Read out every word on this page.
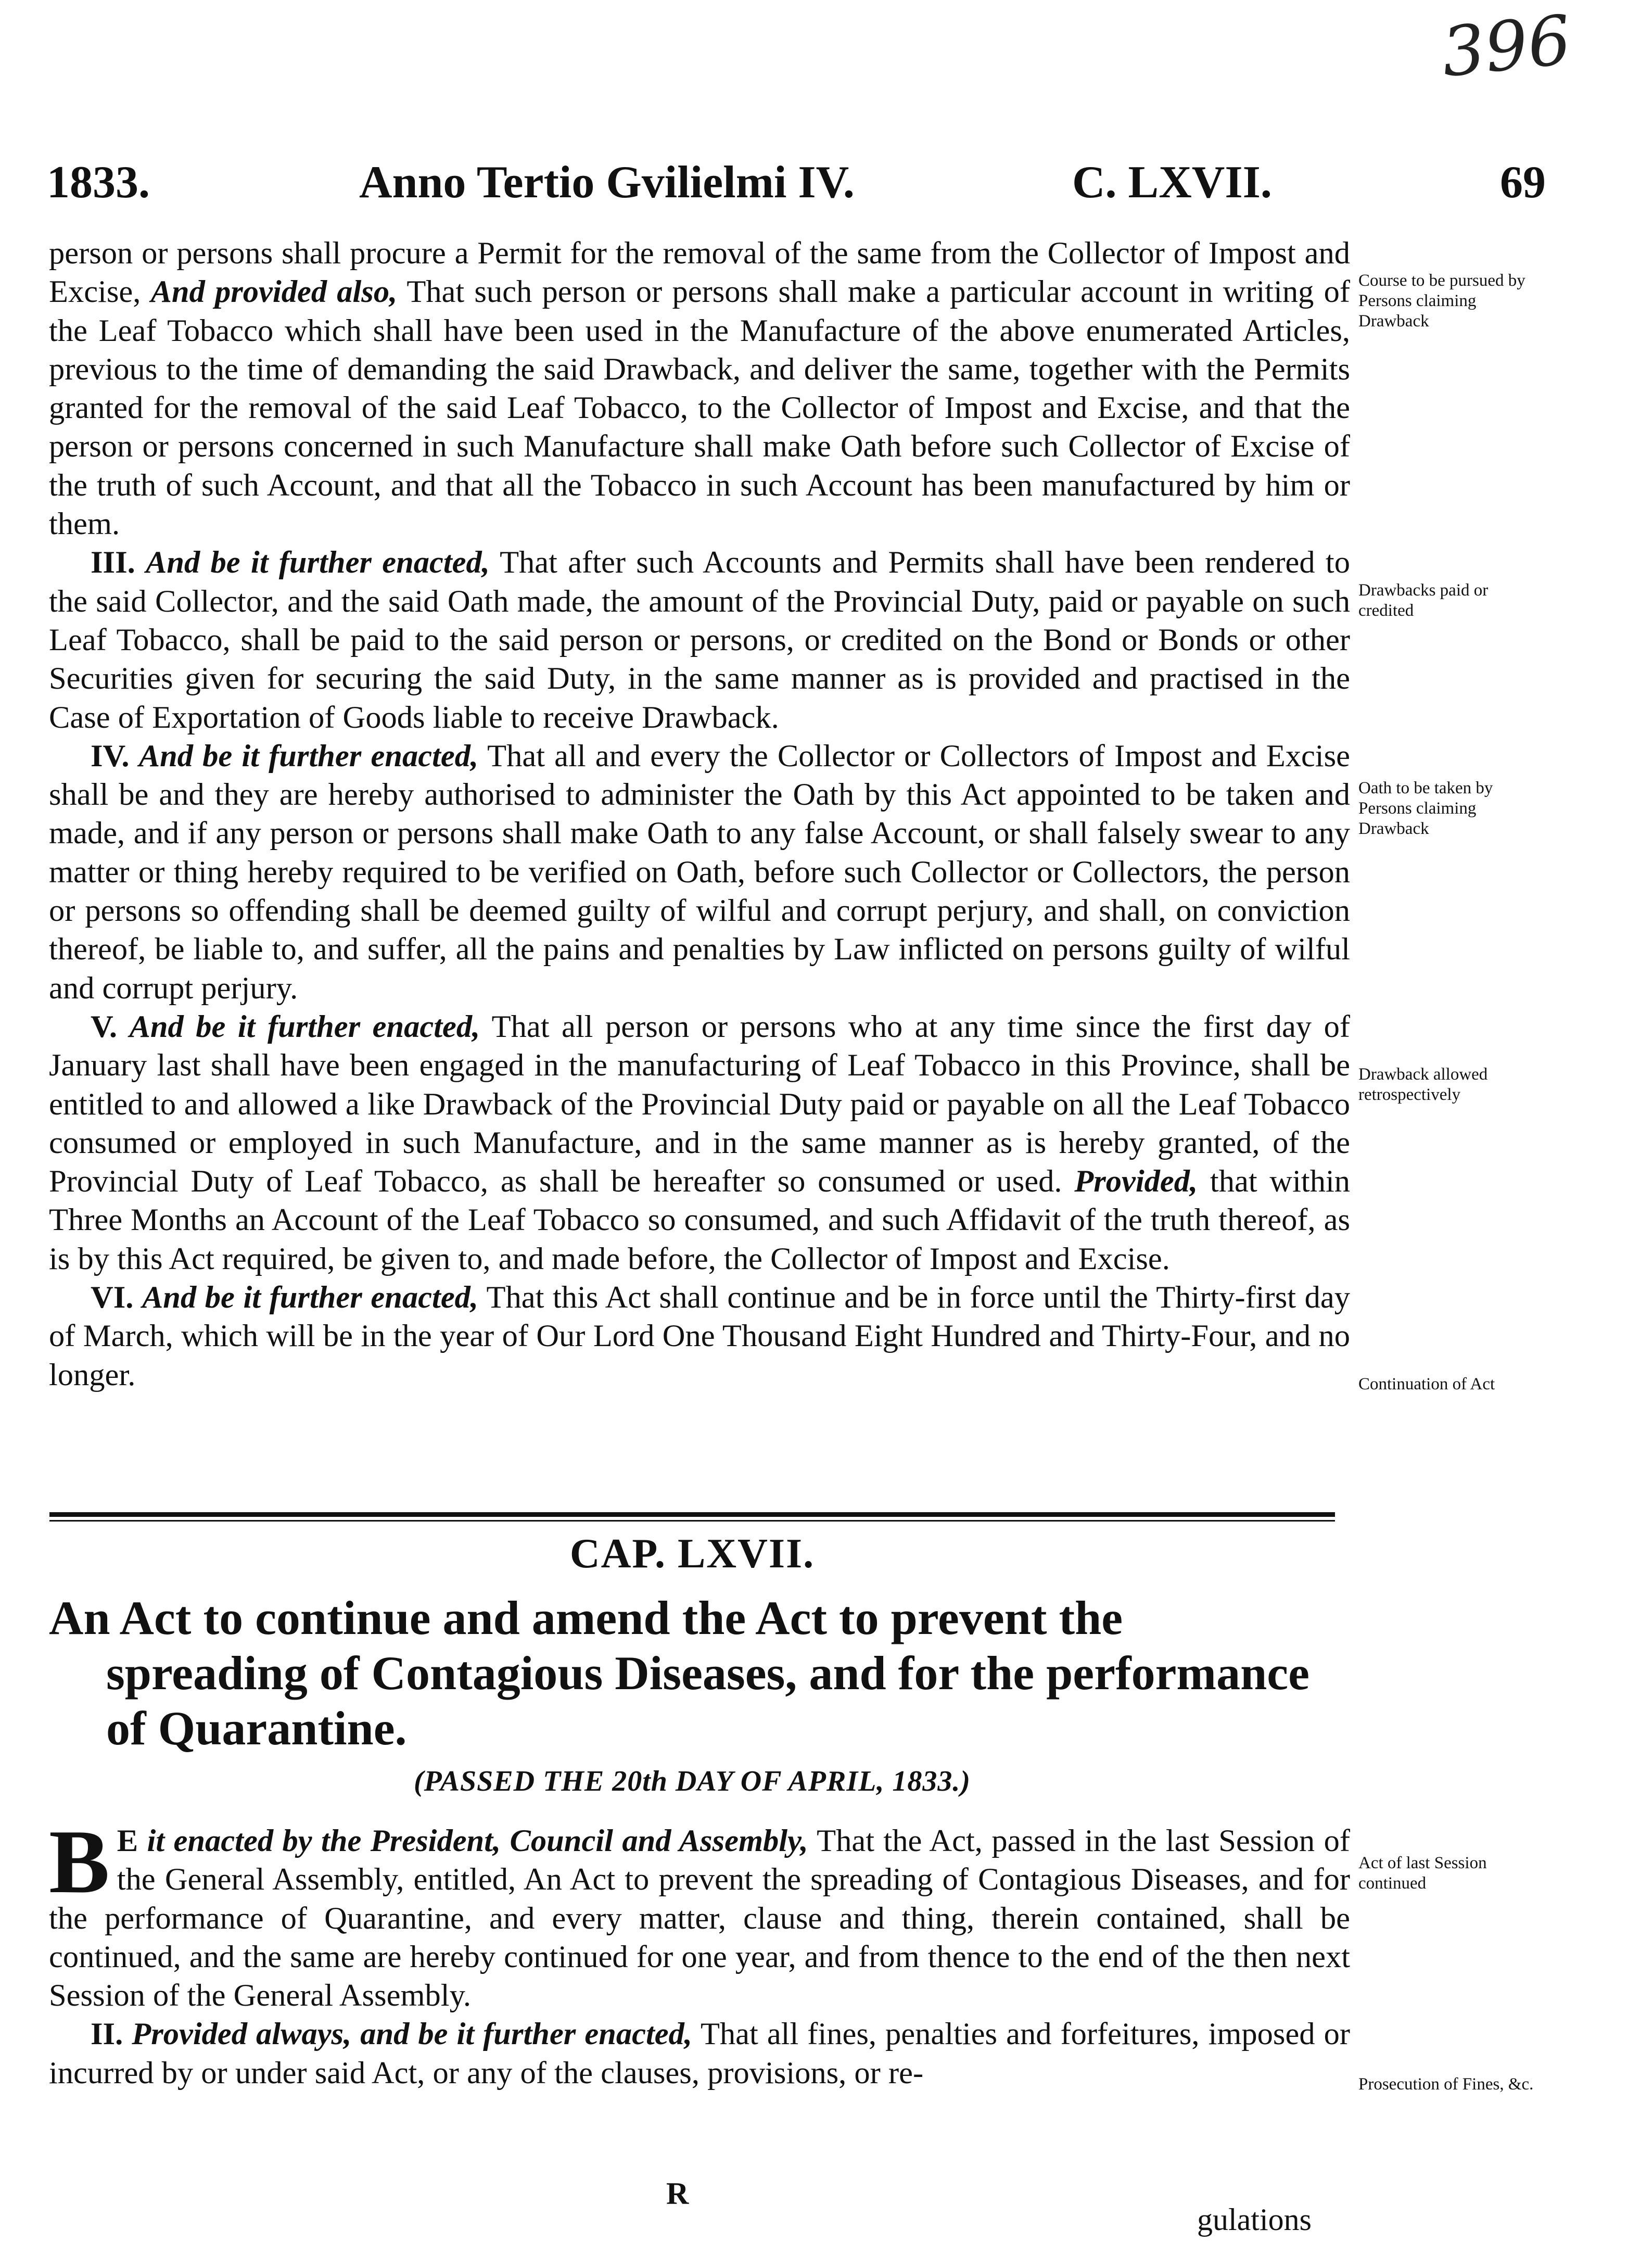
396
1833.	Anno Tertio Gvilielmi IV.	C. LXVII.	69

person or persons shall procure a Permit for the removal of the same from the Collector of Impost and Excise, And provided also, That such person or persons shall make a particular account in writing of the Leaf Tobacco which shall have been used in the Manufacture of the above enumerated Articles, previous to the time of demanding the said Drawback, and deliver the same, together with the Permits granted for the removal of the said Leaf Tobacco, to the Collector of Impost and Excise, and that the person or persons concerned in such Manufacture shall make Oath before such Collector of Excise of the truth of such Account, and that all the Tobacco in such Account has been manufactured by him or them.

III. And be it further enacted, That after such Accounts and Permits shall have been rendered to the said Collector, and the said Oath made, the amount of the Provincial Duty, paid or payable on such Leaf Tobacco, shall be paid to the said person or persons, or credited on the Bond or Bonds or other Securities given for securing the said Duty, in the same manner as is provided and practised in the Case of Exportation of Goods liable to receive Drawback.

IV. And be it further enacted, That all and every the Collector or Collectors of Impost and Excise shall be and they are hereby authorised to administer the Oath by this Act appointed to be taken and made, and if any person or persons shall make Oath to any false Account, or shall falsely swear to any matter or thing hereby required to be verified on Oath, before such Collector or Collectors, the person or persons so offending shall be deemed guilty of wilful and corrupt perjury, and shall, on conviction thereof, be liable to, and suffer, all the pains and penalties by Law inflicted on persons guilty of wilful and corrupt perjury.

V. And be it further enacted, That all person or persons who at any time since the first day of January last shall have been engaged in the manufacturing of Leaf Tobacco in this Province, shall be entitled to and allowed a like Drawback of the Provincial Duty paid or payable on all the Leaf Tobacco consumed or employed in such Manufacture, and in the same manner as is hereby granted, of the Provincial Duty of Leaf Tobacco, as shall be hereafter so consumed or used. Provided, that within Three Months an Account of the Leaf Tobacco so consumed, and such Affidavit of the truth thereof, as is by this Act required, be given to, and made before, the Collector of Impost and Excise.

VI. And be it further enacted, That this Act shall continue and be in force until the Thirty-first day of March, which will be in the year of Our Lord One Thousand Eight Hundred and Thirty-Four, and no longer.

Course to be pursued by Persons claiming Drawback
Drawbacks paid or credited
Oath to be taken by Persons claiming Drawback
Drawback allowed retrospectively
Continuation of Act
Act of last Session continued
Prosecution of Fines, &c.
CAP. LXVII.
An Act to continue and amend the Act to prevent the
spreading of Contagious Diseases, and for the performance
of Quarantine.
(PASSED THE 20th DAY OF APRIL, 1833.)

B E it enacted by the President, Council and Assembly, That the Act, passed in the last Session of the General Assembly, entitled, An Act to prevent the spreading of Contagious Diseases, and for the performance of Quarantine, and every matter, clause and thing, therein contained, shall be continued, and the same are hereby continued for one year, and from thence to the end of the then next Session of the General Assembly.

II. Provided always, and be it further enacted, That all fines, penalties and forfeitures, imposed or incurred by or under said Act, or any of the clauses, provisions, or re-

R
gulations
